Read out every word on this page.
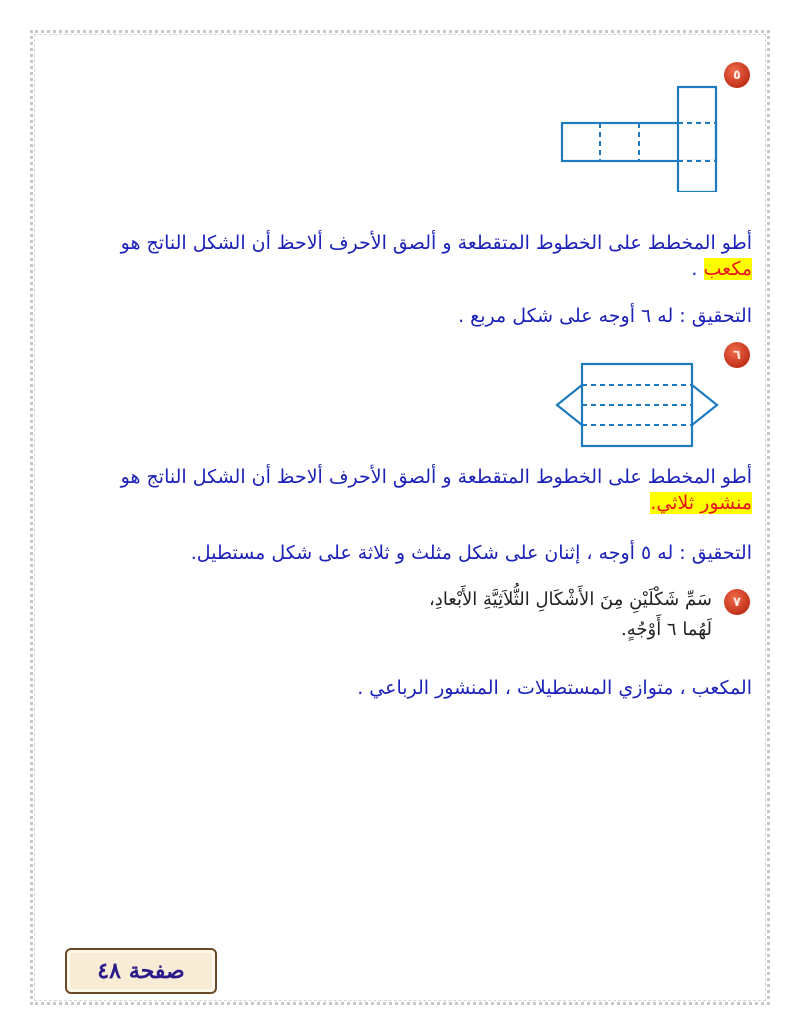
٥
أطو المخطط على الخطوط المتقطعة و ألصق الأحرف ألاحظ أن الشكل الناتج هو
مكعب .
التحقيق : له ٦ أوجه على شكل مربع .
٦
أطو المخطط على الخطوط المتقطعة و ألصق الأحرف ألاحظ أن الشكل الناتج هو
منشور ثلاثي.
التحقيق : له ٥ أوجه ، إثنان على شكل مثلث و ثلاثة على شكل مستطيل.
٧
سَمِّ شَكْلَيْنِ مِنَ الأَشْكَالِ الثُّلاَثِيَّةِ الأَبْعادِ،
لَهُما ٦ أَوْجُهٍ.
المكعب ، متوازي المستطيلات ، المنشور الرباعي .
صفحة
٤٨
